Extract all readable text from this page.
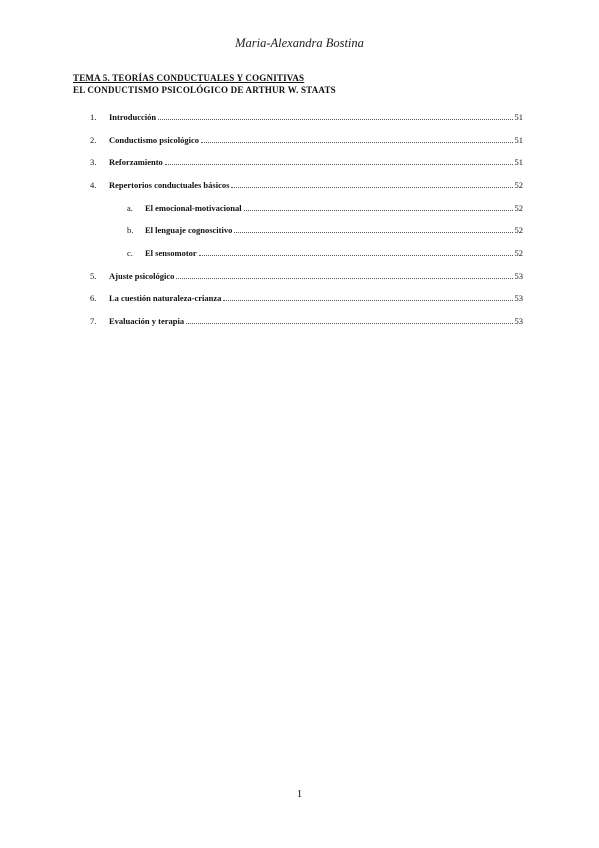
Maria-Alexandra Bostina
TEMA 5. TEORÍAS CONDUCTUALES Y COGNITIVAS
EL CONDUCTISMO PSICOLÓGICO DE ARTHUR W. STAATS
1.	Introducción	51
2.	Conductismo psicológico	51
3.	Reforzamiento	51
4.	Repertorios conductuales básicos	52
a.	El emocional-motivacional	52
b.	El lenguaje cognoscitivo	52
c.	El sensomotor	52
5.	Ajuste psicológico	53
6.	La cuestión naturaleza-crianza	53
7.	Evaluación y terapia	53
1
